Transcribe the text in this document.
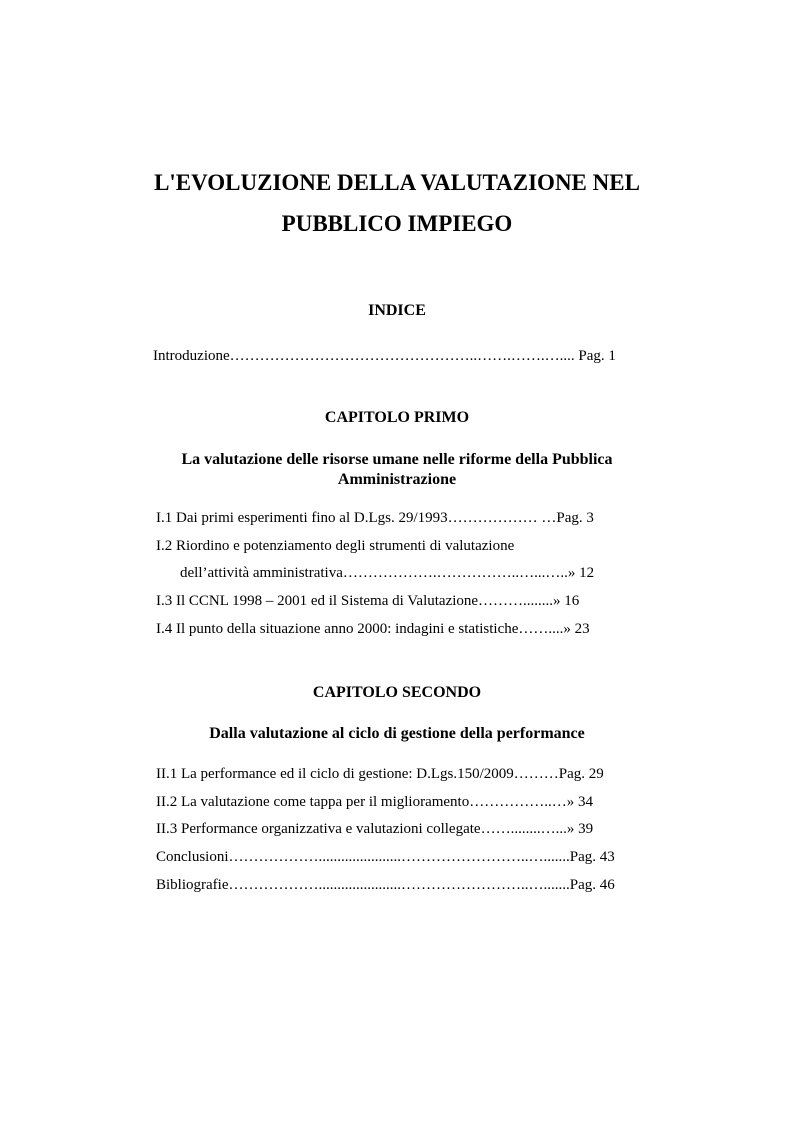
L'EVOLUZIONE DELLA VALUTAZIONE NEL
PUBBLICO IMPIEGO
INDICE
Introduzione…………………………………………..…….…….….... Pag. 1
CAPITOLO PRIMO
La valutazione delle risorse umane nelle riforme della Pubblica
Amministrazione
I.1 Dai primi esperimenti fino al D.Lgs. 29/1993……………… …Pag. 3
I.2 Riordino e potenziamento degli strumenti di valutazione
dell’attività amministrativa……………….……………..…...…..» 12
I.3 Il CCNL 1998 – 2001 ed il Sistema di Valutazione………........» 16
I.4 Il punto della situazione anno 2000: indagini e statistiche……....» 23
CAPITOLO SECONDO
Dalla valutazione al ciclo di gestione della performance
II.1 La performance ed il ciclo di gestione: D.Lgs.150/2009………Pag. 29
II.2 La valutazione come tappa per il miglioramento……………..…» 34
II.3 Performance organizzativa e valutazioni collegate……........…...» 39
Conclusioni………………......................……………………..….......Pag. 43
Bibliografie………………......................……………………..….......Pag. 46
